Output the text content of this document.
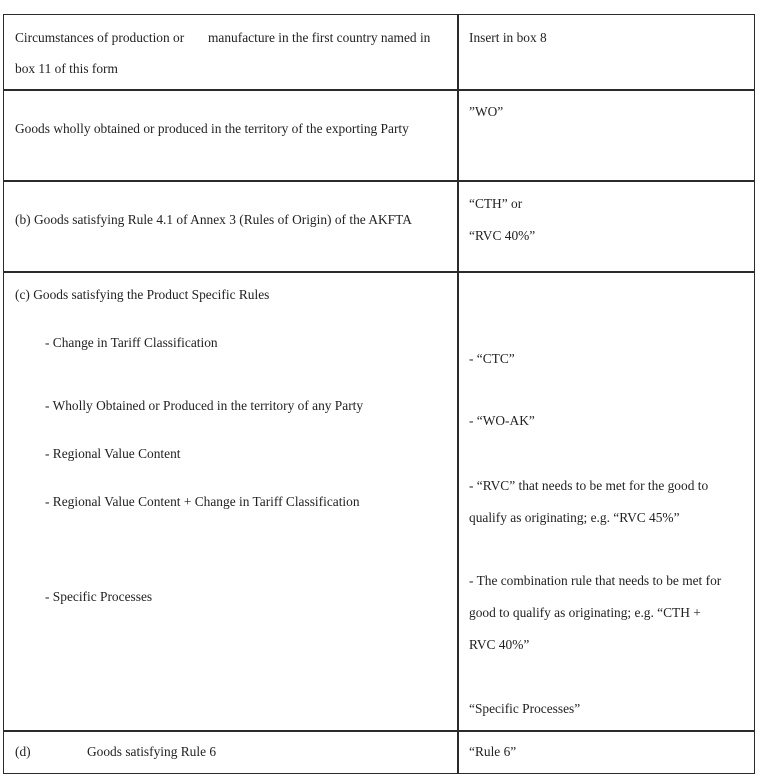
Circumstances of production or manufacture in the first country named in
box 11 of this form
Insert in box 8
Goods wholly obtained or produced in the territory of the exporting Party
”WO”
(b) Goods satisfying Rule 4.1 of Annex 3 (Rules of Origin) of the AKFTA
“CTH” or
“RVC 40%”
(c) Goods satisfying the Product Specific Rules
- Change in Tariff Classification
- Wholly Obtained or Produced in the territory of any Party
- Regional Value Content
- Regional Value Content + Change in Tariff Classification
- Specific Processes
- “CTC”
- “WO-AK”
- “RVC” that needs to be met for the good to
qualify as originating; e.g. “RVC 45%”
- The combination rule that needs to be met for
good to qualify as originating; e.g. “CTH +
RVC 40%”
“Specific Processes”
(d)	Goods satisfying Rule 6	“Rule 6”
